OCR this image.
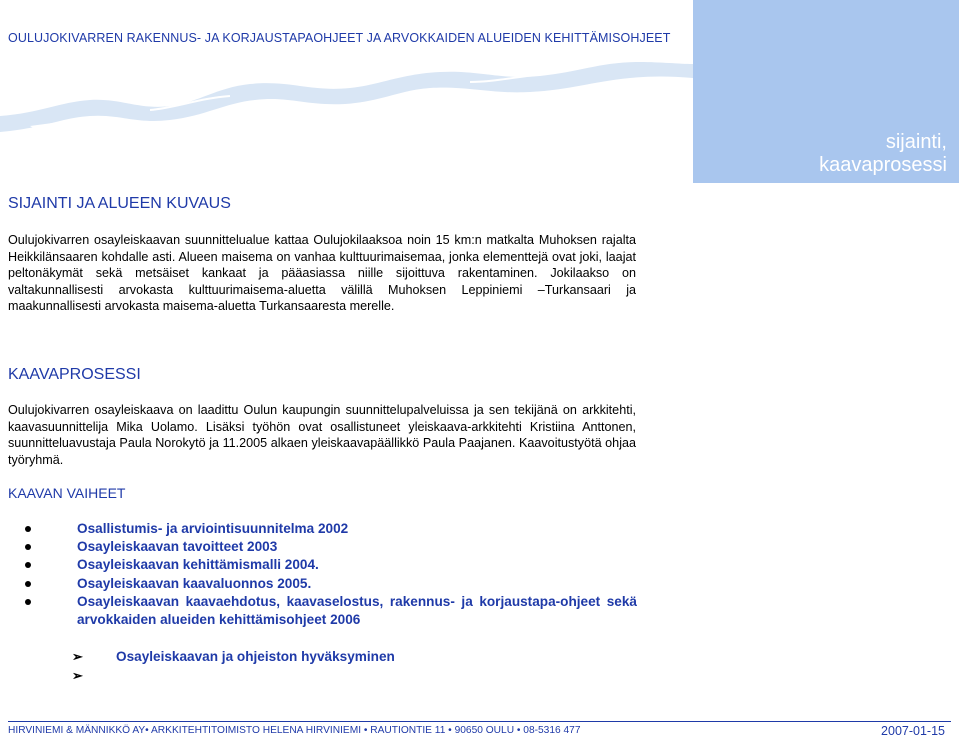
OULUJOKIVARREN RAKENNUS- JA KORJAUSTAPAOHJEET JA ARVOKKAIDEN ALUEIDEN KEHITTÄMISOHJEET
sijainti,
kaavaprosessi
SIJAINTI JA ALUEEN KUVAUS

Oulujokivarren osayleiskaavan suunnittelualue kattaa Oulujokilaaksoa noin 15 km:n matkalta Muhoksen rajalta Heikkilänsaaren kohdalle asti. Alueen maisema on vanhaa kulttuurimaisemaa, jonka elementtejä ovat joki, laajat peltonäkymät sekä metsäiset kankaat ja pääasiassa niille sijoittuva rakentaminen. Jokilaakso on valtakunnallisesti arvokasta kulttuurimaisema-aluetta välillä Muhoksen Leppiniemi –Turkansaari ja maakunnallisesti arvokasta maisema-aluetta Turkansaaresta merelle.

KAAVAPROSESSI

Oulujokivarren osayleiskaava on laadittu Oulun kaupungin suunnittelupalveluissa ja sen tekijänä on arkkitehti, kaavasuunnittelija Mika Uolamo. Lisäksi työhön ovat osallistuneet yleiskaava-arkkitehti Kristiina Anttonen, suunnitteluavustaja Paula Norokytö ja 11.2005 alkaen yleiskaavapäällikkö Paula Paajanen. Kaavoitustyötä ohjaa työryhmä.

KAAVAN VAIHEET
Osallistumis- ja arviointisuunnitelma 2002
Osayleiskaavan tavoitteet 2003
Osayleiskaavan kehittämismalli 2004.
Osayleiskaavan kaavaluonnos 2005.
Osayleiskaavan kaavaehdotus, kaavaselostus, rakennus- ja korjaustapa-ohjeet sekä arvokkaiden alueiden kehittämisohjeet 2006
➢ Osayleiskaavan ja ohjeiston hyväksyminen
➢
HIRVINIEMI & MÄNNIKKÖ AY• ARKKITEHTITOIMISTO HELENA HIRVINIEMI • RAUTIONTIE 11 • 90650 OULU • 08-5316 477	2007-01-15
